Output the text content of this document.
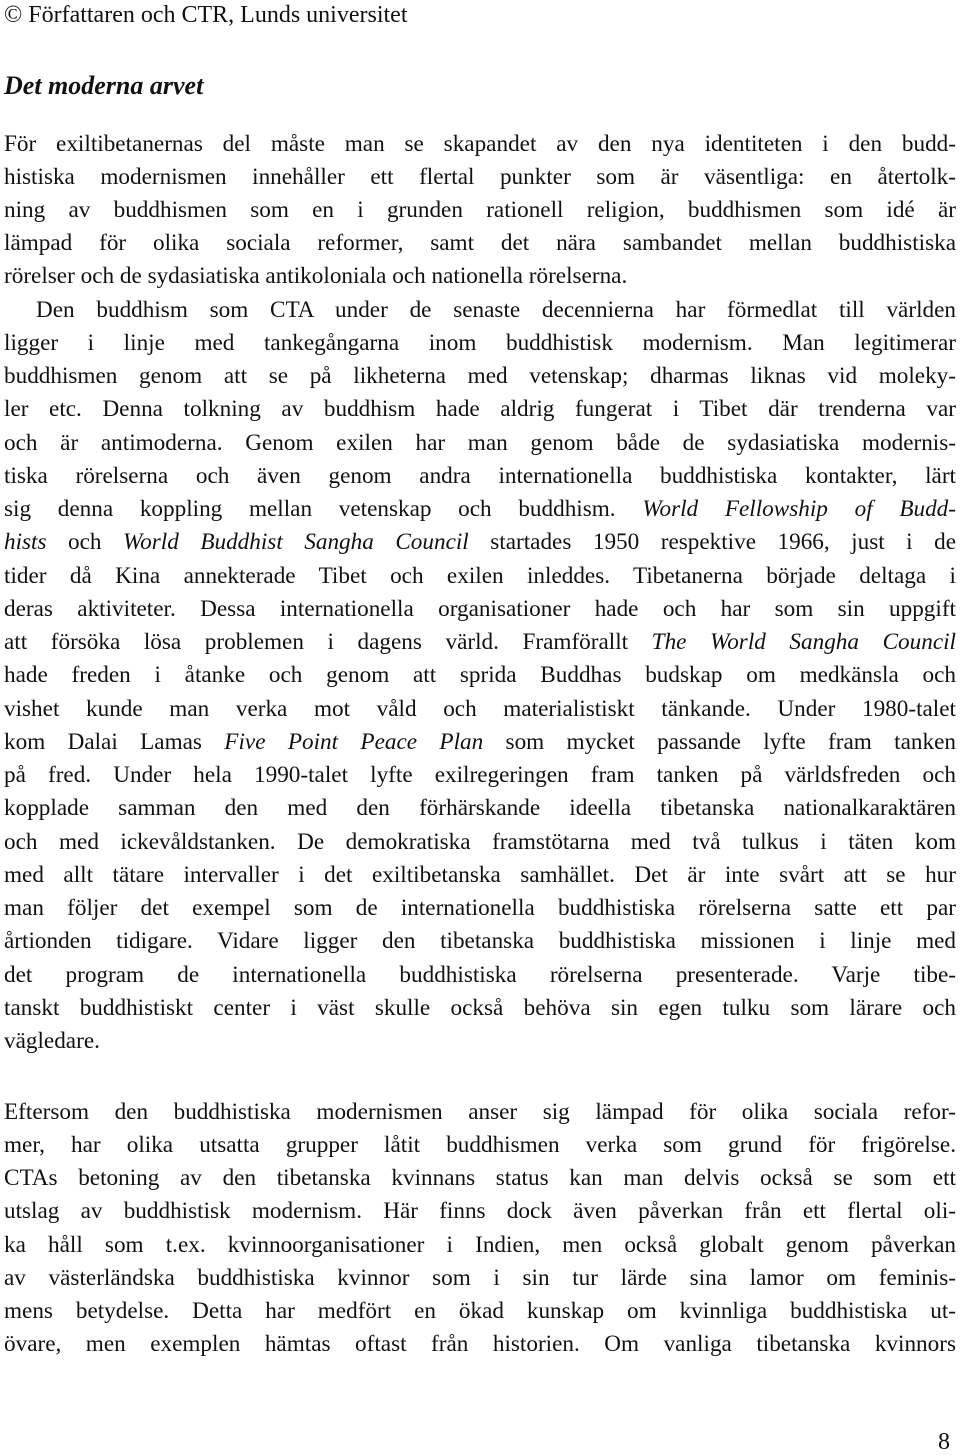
© Författaren och CTR, Lunds universitet
Det moderna arvet
För exiltibetanernas del måste man se skapandet av den nya identiteten i den budd-
histiska modernismen innehåller ett flertal punkter som är väsentliga: en återtolk-
ning av buddhismen som en i grunden rationell religion, buddhismen som idé är
lämpad för olika sociala reformer, samt det nära sambandet mellan buddhistiska
rörelser och de sydasiatiska antikoloniala och nationella rörelserna.
Den buddhism som CTA under de senaste decennierna har förmedlat till världen
ligger i linje med tankegångarna inom buddhistisk modernism. Man legitimerar
buddhismen genom att se på likheterna med vetenskap; dharmas liknas vid moleky-
ler etc. Denna tolkning av buddhism hade aldrig fungerat i Tibet där trenderna var
och är antimoderna. Genom exilen har man genom både de sydasiatiska modernis-
tiska rörelserna och även genom andra internationella buddhistiska kontakter, lärt
sig denna koppling mellan vetenskap och buddhism. World Fellowship of Budd-
hists och World Buddhist Sangha Council startades 1950 respektive 1966, just i de
tider då Kina annekterade Tibet och exilen inleddes. Tibetanerna började deltaga i
deras aktiviteter. Dessa internationella organisationer hade och har som sin uppgift
att försöka lösa problemen i dagens värld. Framförallt The World Sangha Council
hade freden i åtanke och genom att sprida Buddhas budskap om medkänsla och
vishet kunde man verka mot våld och materialistiskt tänkande. Under 1980-talet
kom Dalai Lamas Five Point Peace Plan som mycket passande lyfte fram tanken
på fred. Under hela 1990-talet lyfte exilregeringen fram tanken på världsfreden och
kopplade samman den med den förhärskande ideella tibetanska nationalkaraktären
och med ickevåldstanken. De demokratiska framstötarna med två tulkus i täten kom
med allt tätare intervaller i det exiltibetanska samhället. Det är inte svårt att se hur
man följer det exempel som de internationella buddhistiska rörelserna satte ett par
årtionden tidigare. Vidare ligger den tibetanska buddhistiska missionen i linje med
det program de internationella buddhistiska rörelserna presenterade. Varje tibe-
tanskt buddhistiskt center i väst skulle också behöva sin egen tulku som lärare och
vägledare.
Eftersom den buddhistiska modernismen anser sig lämpad för olika sociala refor-
mer, har olika utsatta grupper låtit buddhismen verka som grund för frigörelse.
CTAs betoning av den tibetanska kvinnans status kan man delvis också se som ett
utslag av buddhistisk modernism. Här finns dock även påverkan från ett flertal oli-
ka håll som t.ex. kvinnoorganisationer i Indien, men också globalt genom påverkan
av västerländska buddhistiska kvinnor som i sin tur lärde sina lamor om feminis-
mens betydelse. Detta har medfört en ökad kunskap om kvinnliga buddhistiska ut-
övare, men exemplen hämtas oftast från historien. Om vanliga tibetanska kvinnors
8
